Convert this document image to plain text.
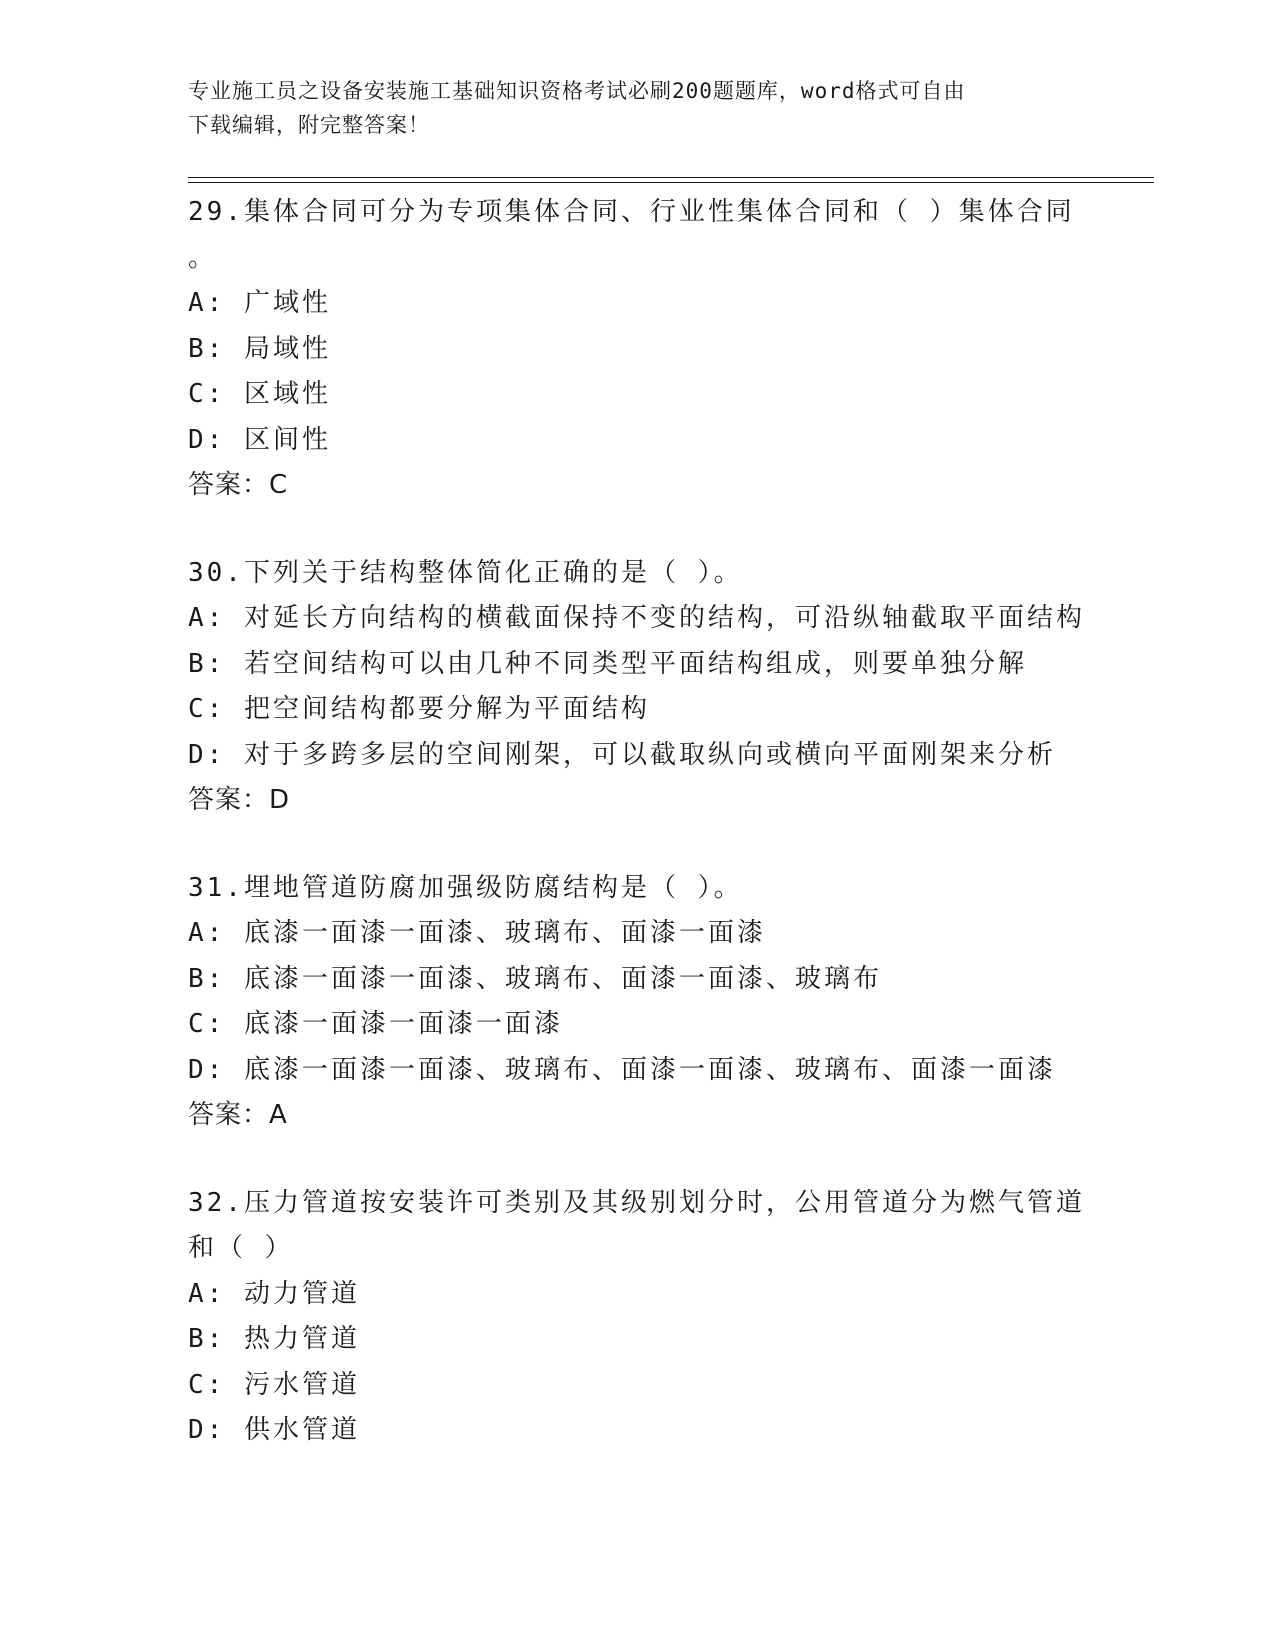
专业施工员之设备安装施工基础知识资格考试必刷200题题库，word格式可自由
下载编辑，附完整答案！
29.集体合同可分为专项集体合同、行业性集体合同和（ ）集体合同
。
A: 广域性
B: 局域性
C: 区域性
D: 区间性
答案：C
30.下列关于结构整体简化正确的是（ ）。
A: 对延长方向结构的横截面保持不变的结构，可沿纵轴截取平面结构
B: 若空间结构可以由几种不同类型平面结构组成，则要单独分解
C: 把空间结构都要分解为平面结构
D: 对于多跨多层的空间刚架，可以截取纵向或横向平面刚架来分析
答案：D
31.埋地管道防腐加强级防腐结构是（ ）。
A: 底漆一面漆一面漆、玻璃布、面漆一面漆
B: 底漆一面漆一面漆、玻璃布、面漆一面漆、玻璃布
C: 底漆一面漆一面漆一面漆
D: 底漆一面漆一面漆、玻璃布、面漆一面漆、玻璃布、面漆一面漆
答案：A
32.压力管道按安装许可类别及其级别划分时，公用管道分为燃气管道
和（ ）
A: 动力管道
B: 热力管道
C: 污水管道
D: 供水管道
